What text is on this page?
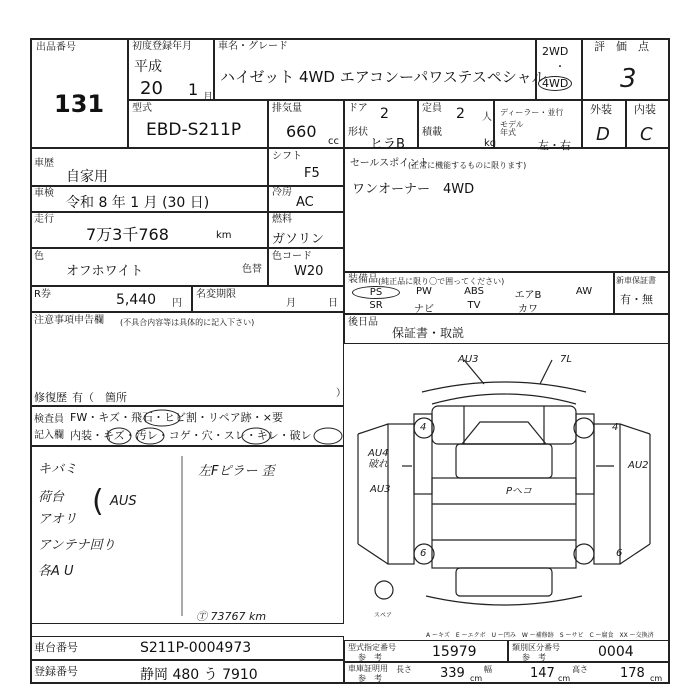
出品番号
131
初度登録年月
平成
20 1 月
車名・グレード
ハイゼット 4WD エアコンーパワステスペシャル
2WD
・
4WD
評　価　点
3
型式
EBD-S211P
排気量
660
cc
ドア 2
形状
ヒラB
定員 2 人
積載
kg
ディーラー・並行
モデル年式
左・右
外装 内装
D C
車歴
自家用
車検
令和 8 年 1 月 (30 日)
走行
7万3千768	km
色
オフホワイト	色替
シフト
F5
冷房
AC
燃料
ガソリン
色コード
W20
セールスポイント
(正常に機能するものに限ります)
ワンオーナー　4WD
R券	5,440 円
名変期限
月	日
装備品 (純正品に限り〇で囲ってください)
PS	PW	ABS	エアB	AW
SR	ナビ	TV	カワ
新車保証書
有・無
注意事項申告欄 (不具合内容等は具体的に記入下さい)
修復歴 有（　箇所	）
後日品
保証書・取説
検査員
記入欄
FW・キズ・飛石・ヒビ割・リペア跡・×要
内装・キズ・汚レ・コゲ・穴・スレ・キレ・破レ
キバミ
荷台
アオリ
アンテナ回り
各A U
AUS
(
左Fピラー 歪
Ⓣ 73767 km
AU3	7L
4	4
AU4 破れ
AU3	Pヘコ
AU2
6	6
スペア
A ーキズ　E ーエクボ　U ー凹み　W ー補修跡　S ーサビ　C ー腐食　XX ー交換済
車台番号	S211P-0004973
登録番号	静岡 480 う 7910
型式指定番号
参　考	15979	類別区分番号
参　考	0004
車庫証明用
参　考
長さ 339 cm
幅	147 cm
高さ 178 cm
